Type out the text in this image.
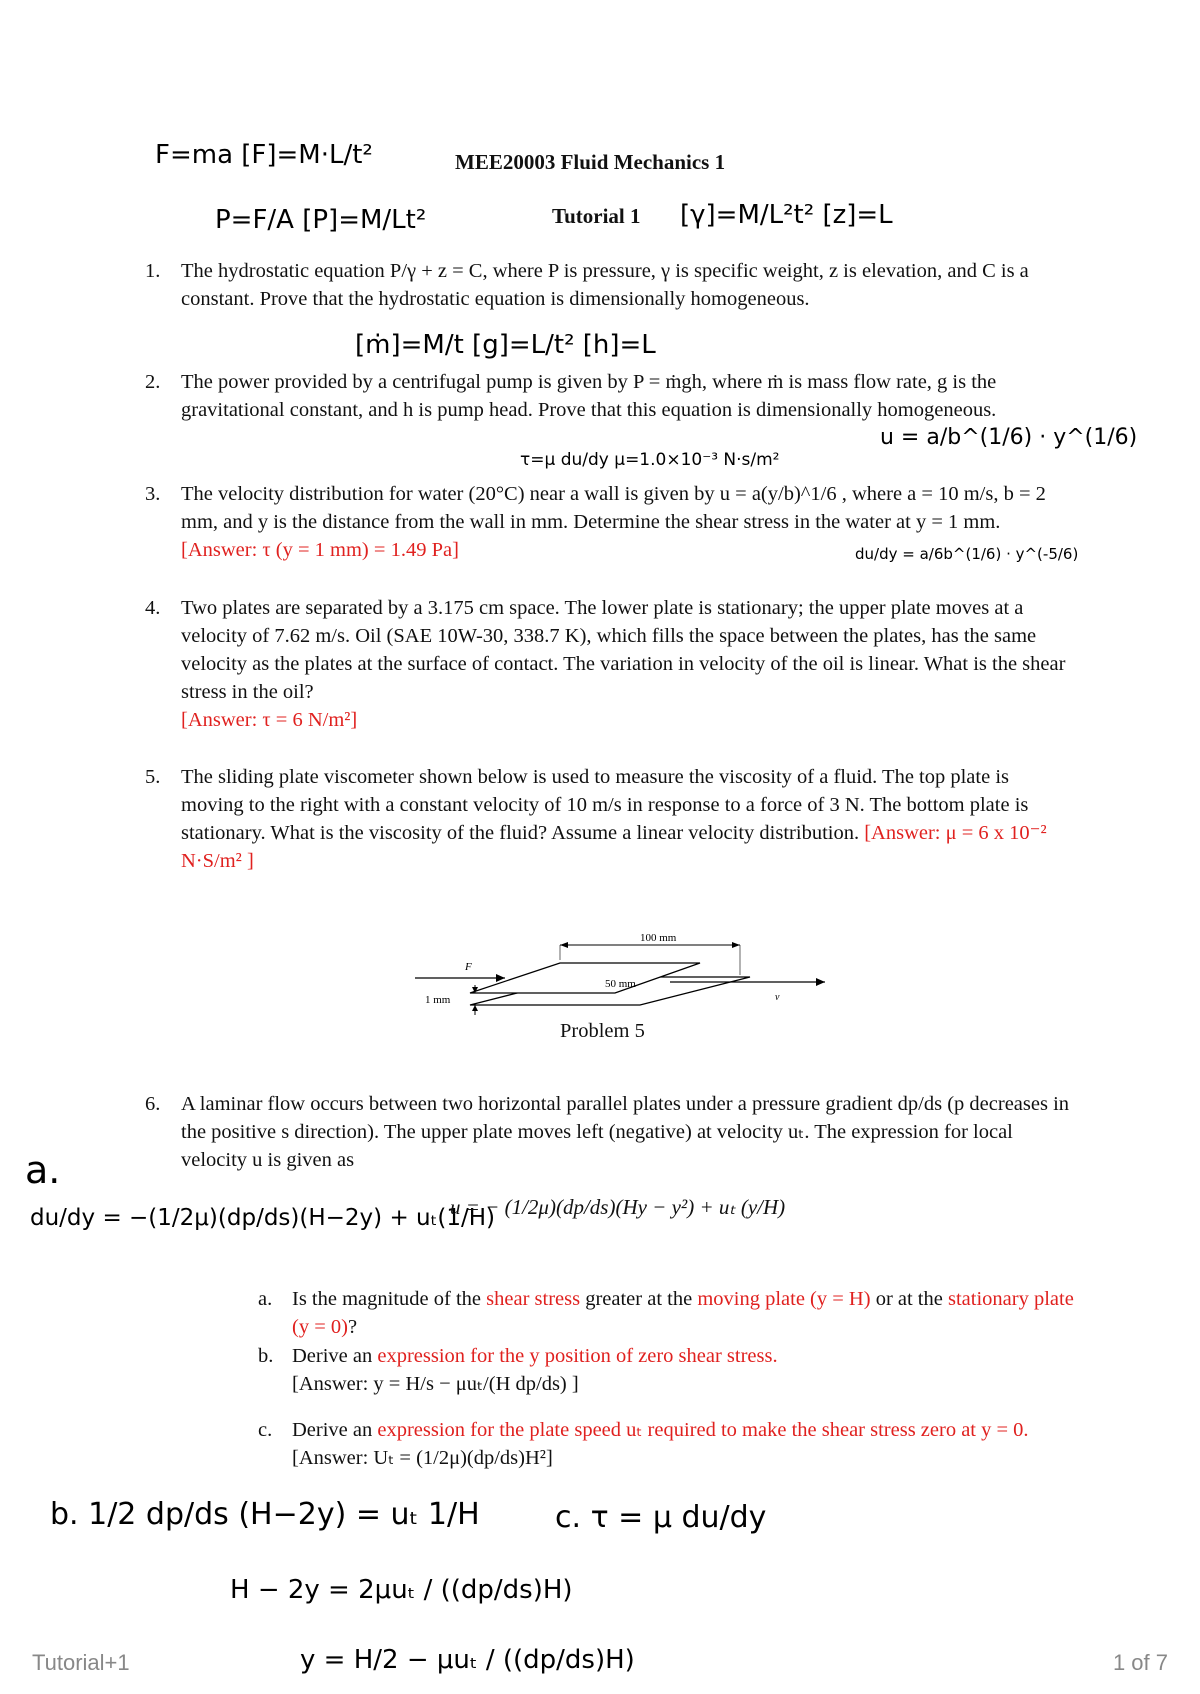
MEE20003 Fluid Mechanics 1
Tutorial 1
F=ma [F]=M·L/t²
P=F/A [P]=M/Lt²	[γ]=M/L²t² [z]=L
[ṁ]=M/t [g]=L/t² [h]=L
τ=μ du/dy μ=1.0×10⁻³ N·s/m²
u = a/b^(1/6) · y^(1/6)
du/dy = a/6b^(1/6) · y^(-5/6)
1.	The hydrostatic equation P/γ + z = C, where P is pressure, γ is specific weight, z is elevation, and C is a constant. Prove that the hydrostatic equation is dimensionally homogeneous.
2.	The power provided by a centrifugal pump is given by P = ṁgh, where ṁ is mass flow rate, g is the gravitational constant, and h is pump head. Prove that this equation is dimensionally homogeneous.
3.	The velocity distribution for water (20°C) near a wall is given by u = a(y/b)^1/6 , where a = 10 m/s, b = 2 mm, and y is the distance from the wall in mm. Determine the shear stress in the water at y = 1 mm. [Answer: τ (y = 1 mm) = 1.49 Pa]
4.	Two plates are separated by a 3.175 cm space. The lower plate is stationary; the upper plate moves at a velocity of 7.62 m/s. Oil (SAE 10W-30, 338.7 K), which fills the space between the plates, has the same velocity as the plates at the surface of contact. The variation in velocity of the oil is linear. What is the shear stress in the oil?
[Answer: τ = 6 N/m²]
5.	The sliding plate viscometer shown below is used to measure the viscosity of a fluid. The top plate is moving to the right with a constant velocity of 10 m/s in response to a force of 3 N. The bottom plate is stationary. What is the viscosity of the fluid? Assume a linear velocity distribution. [Answer: μ = 6 x 10⁻² N·S/m² ]
100 mm
50 mm
F
v
1 mm
Problem 5
6.	A laminar flow occurs between two horizontal parallel plates under a pressure gradient dp/ds (p decreases in the positive s direction). The upper plate moves left (negative) at velocity uₜ. The expression for local velocity u is given as
a.
du/dy = −(1/2μ)(dp/ds)(H−2y) + uₜ(1/H)
u = − (1/2μ)(dp/ds)(Hy − y²) + uₜ (y/H)
a. Is the magnitude of the shear stress greater at the moving plate (y = H) or at the stationary plate (y = 0)?
b. Derive an expression for the y position of zero shear stress.
[Answer: y = H/s − μuₜ/(H dp/ds) ]
c. Derive an expression for the plate speed uₜ required to make the shear stress zero at y = 0. [Answer: Uₜ = (1/2μ)(dp/ds)H²]
b. 1/2 dp/ds (H−2y) = uₜ 1/H	c. τ = μ du/dy
H − 2y = 2μuₜ / ((dp/ds)H)
y = H/2 − μuₜ / ((dp/ds)H)
Tutorial+1	1 of 7
